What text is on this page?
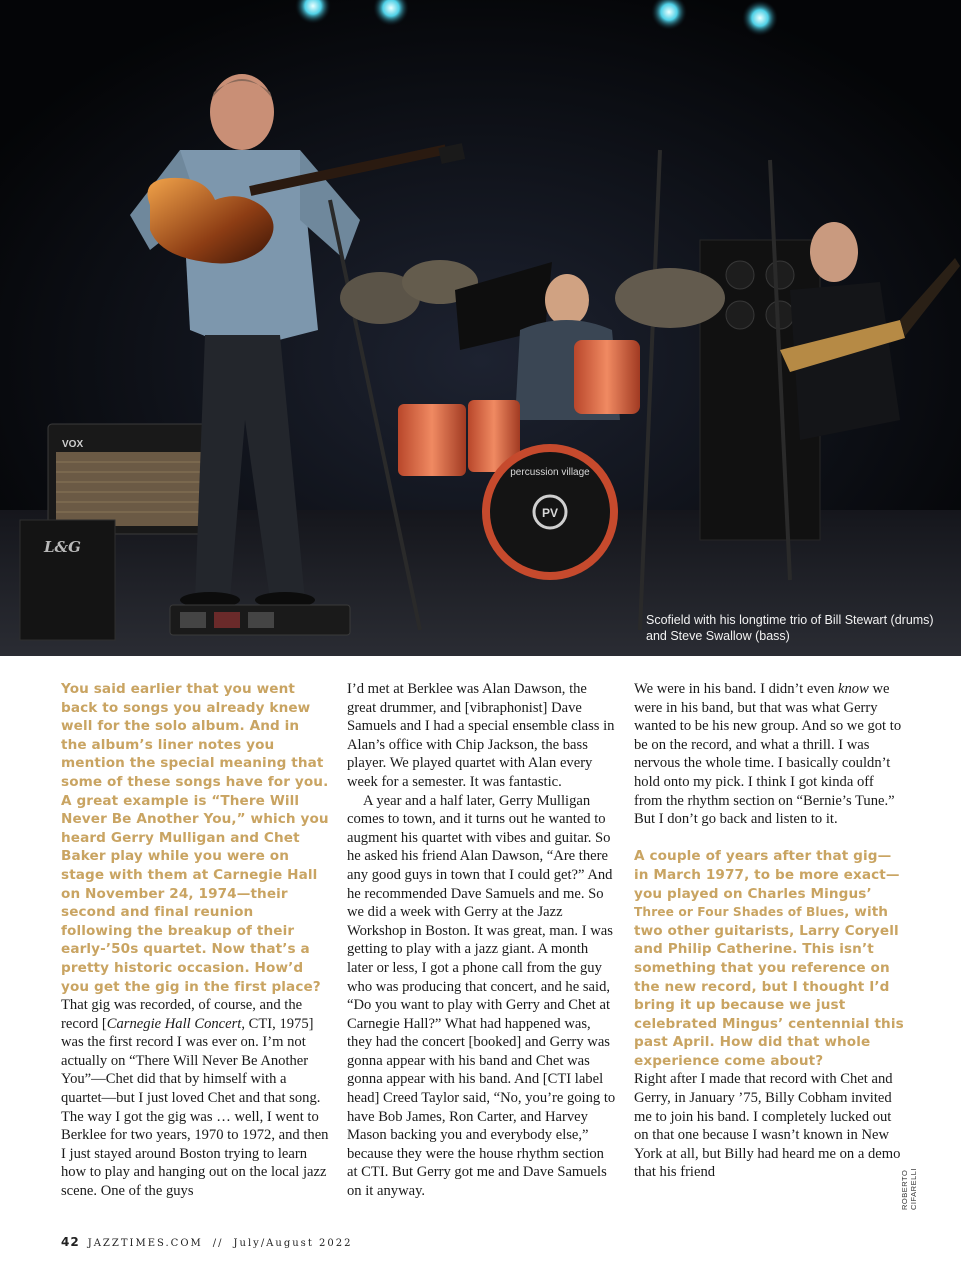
VOX
L&G
PV
percussion village
Scofield with his longtime trio of Bill Stewart (drums) and Steve Swallow (bass)

You said earlier that you went back to songs you already knew well for the solo album. And in the album’s liner notes you mention the special meaning that some of these songs have for you. A great example is “There Will Never Be Another You,” which you heard Gerry Mulligan and Chet Baker play while you were on stage with them at Carnegie Hall on November 24, 1974—their second and final reunion following the breakup of their early-’50s quartet. Now that’s a pretty historic occasion. How’d you get the gig in the first place?

That gig was recorded, of course, and the record [Carnegie Hall Concert, CTI, 1975] was the first record I was ever on. I’m not actually on “There Will Never Be Another You”—Chet did that by himself with a quartet—but I just loved Chet and that song. The way I got the gig was … well, I went to Berklee for two years, 1970 to 1972, and then I just stayed around Boston trying to learn how to play and hanging out on the local jazz scene. One of the guys

I’d met at Berklee was Alan Dawson, the great drummer, and [vibraphonist] Dave Samuels and I had a special ensemble class in Alan’s office with Chip Jackson, the bass player. We played quartet with Alan every week for a semester. It was fantastic.

A year and a half later, Gerry Mulligan comes to town, and it turns out he wanted to augment his quartet with vibes and guitar. So he asked his friend Alan Dawson, “Are there any good guys in town that I could get?” And he recommended Dave Samuels and me. So we did a week with Gerry at the Jazz Workshop in Boston. It was great, man. I was getting to play with a jazz giant. A month later or less, I got a phone call from the guy who was producing that concert, and he said, “Do you want to play with Gerry and Chet at Carnegie Hall?” What had happened was, they had the concert [booked] and Gerry was gonna appear with his band and Chet was gonna appear with his band. And [CTI label head] Creed Taylor said, “No, you’re going to have Bob James, Ron Carter, and Harvey Mason backing you and everybody else,” because they were the house rhythm section at CTI. But Gerry got me and Dave Samuels on it anyway.

We were in his band. I didn’t even know we were in his band, but that was what Gerry wanted to be his new group. And so we got to be on the record, and what a thrill. I was nervous the whole time. I basically couldn’t hold onto my pick. I think I got kinda off from the rhythm section on “Bernie’s Tune.” But I don’t go back and listen to it.

A couple of years after that gig—in March 1977, to be more exact—you played on Charles Mingus’ Three or Four Shades of Blues, with two other guitarists, Larry Coryell and Philip Catherine. This isn’t something that you reference on the new record, but I thought I’d bring it up because we just celebrated Mingus’ centennial this past April. How did that whole experience come about?

Right after I made that record with Chet and Gerry, in January ’75, Billy Cobham invited me to join his band. I completely lucked out on that one because I wasn’t known in New York at all, but Billy had heard me on a demo that his friend

42 JAZZTIMES.COM // July/August 2022
ROBERTO CIFARELLI
